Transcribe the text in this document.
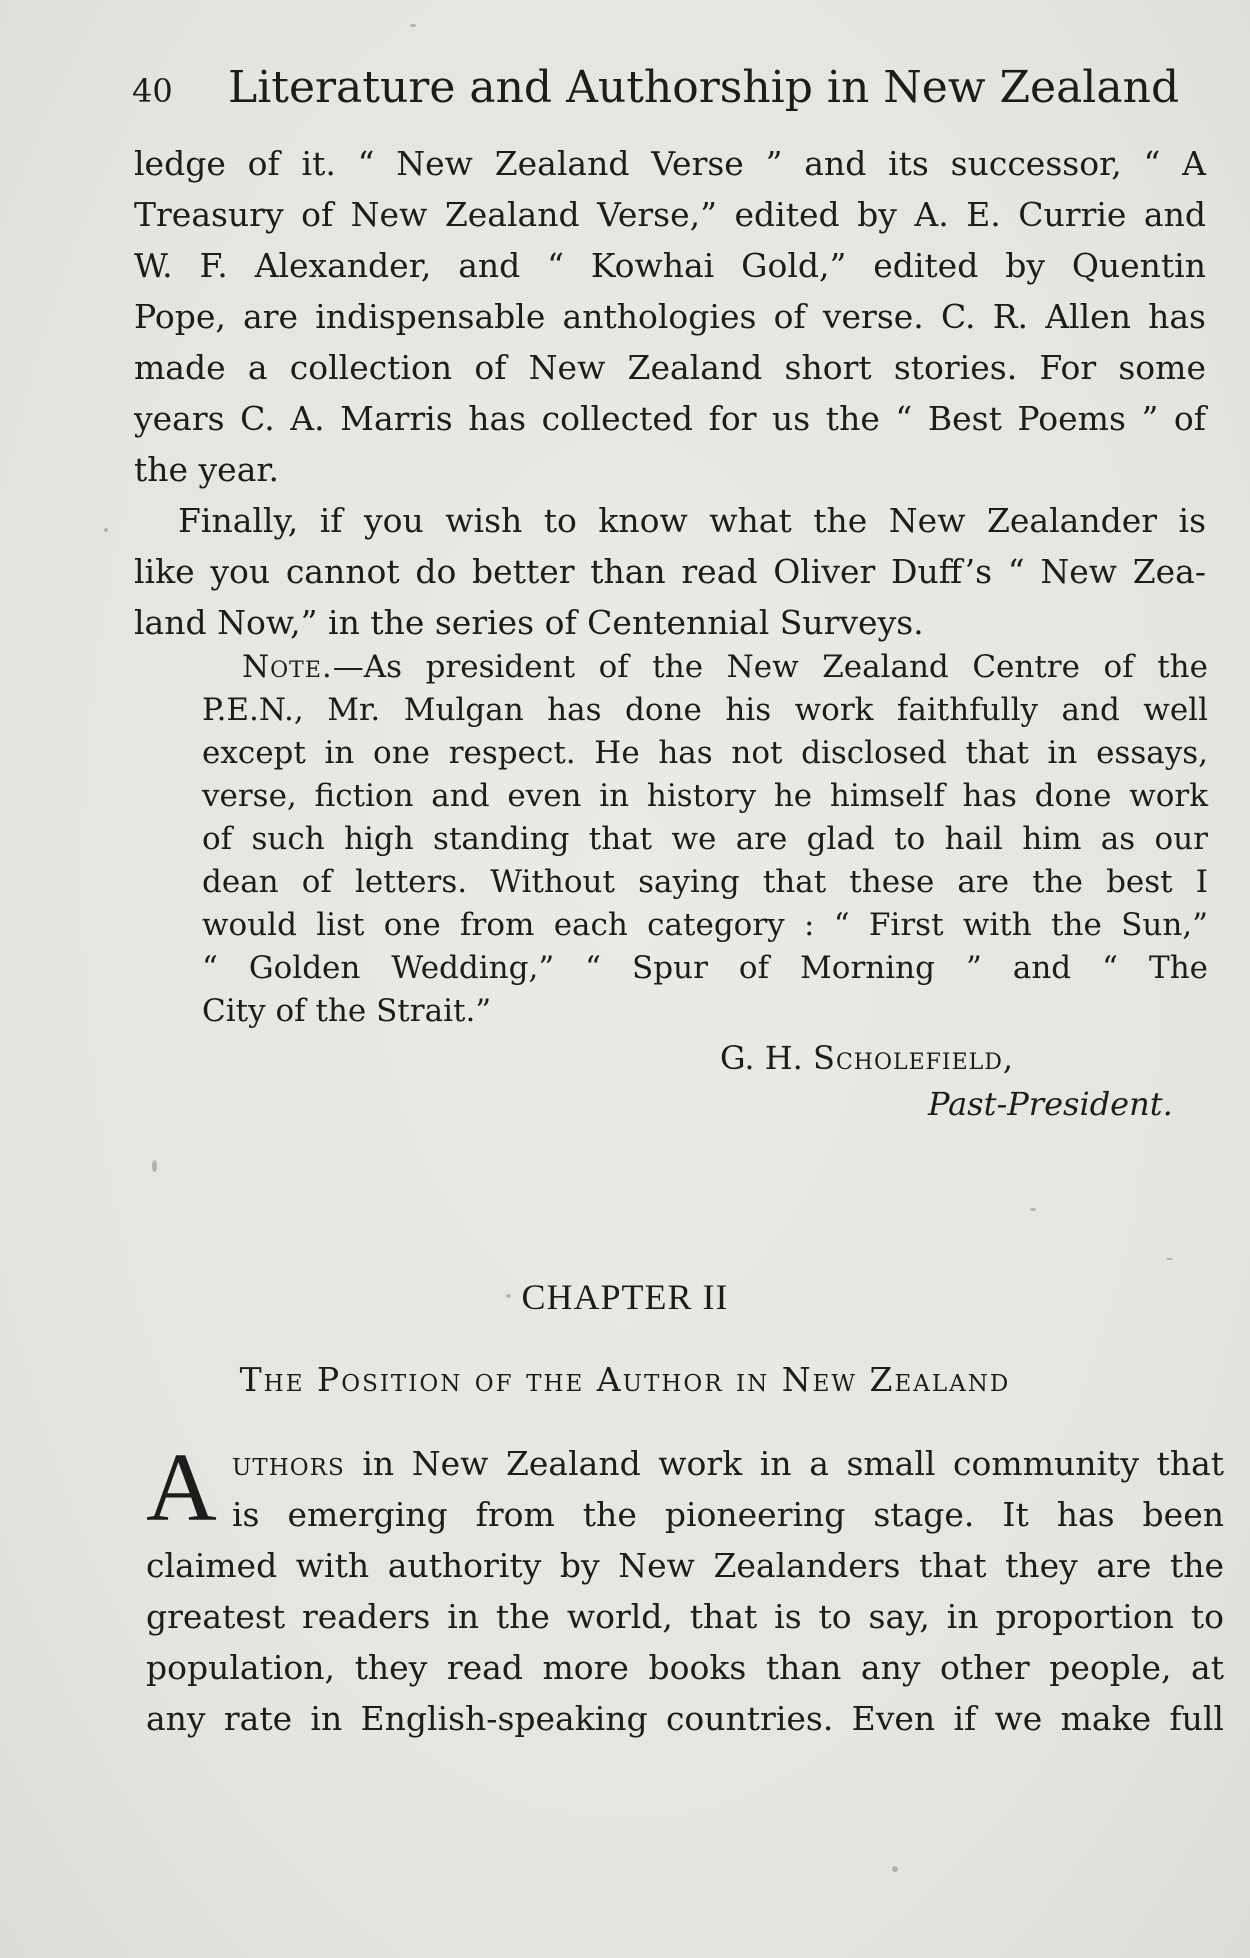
40 Literature and Authorship in New Zealand
ledge of it. “ New Zealand Verse ” and its successor, “ A
Treasury of New Zealand Verse,” edited by A. E. Currie and
W. F. Alexander, and “ Kowhai Gold,” edited by Quentin
Pope, are indispensable anthologies of verse. C. R. Allen has
made a collection of New Zealand short stories. For some
years C. A. Marris has collected for us the “ Best Poems ” of
the year.
Finally, if you wish to know what the New Zealander is
like you cannot do better than read Oliver Duff’s “ New Zea-
land Now,” in the series of Centennial Surveys.
Note.—As president of the New Zealand Centre of the
P.E.N., Mr. Mulgan has done his work faithfully and well
except in one respect. He has not disclosed that in essays,
verse, fiction and even in history he himself has done work
of such high standing that we are glad to hail him as our
dean of letters. Without saying that these are the best I
would list one from each category : “ First with the Sun,”
“ Golden Wedding,” “ Spur of Morning ” and “ The
City of the Strait.”
G. H. Scholefield,
Past-President.
CHAPTER II
The Position of the Author in New Zealand
A uthors in New Zealand work in a small community that
is emerging from the pioneering stage. It has been
claimed with authority by New Zealanders that they are the
greatest readers in the world, that is to say, in proportion to
population, they read more books than any other people, at
any rate in English-speaking countries. Even if we make full
